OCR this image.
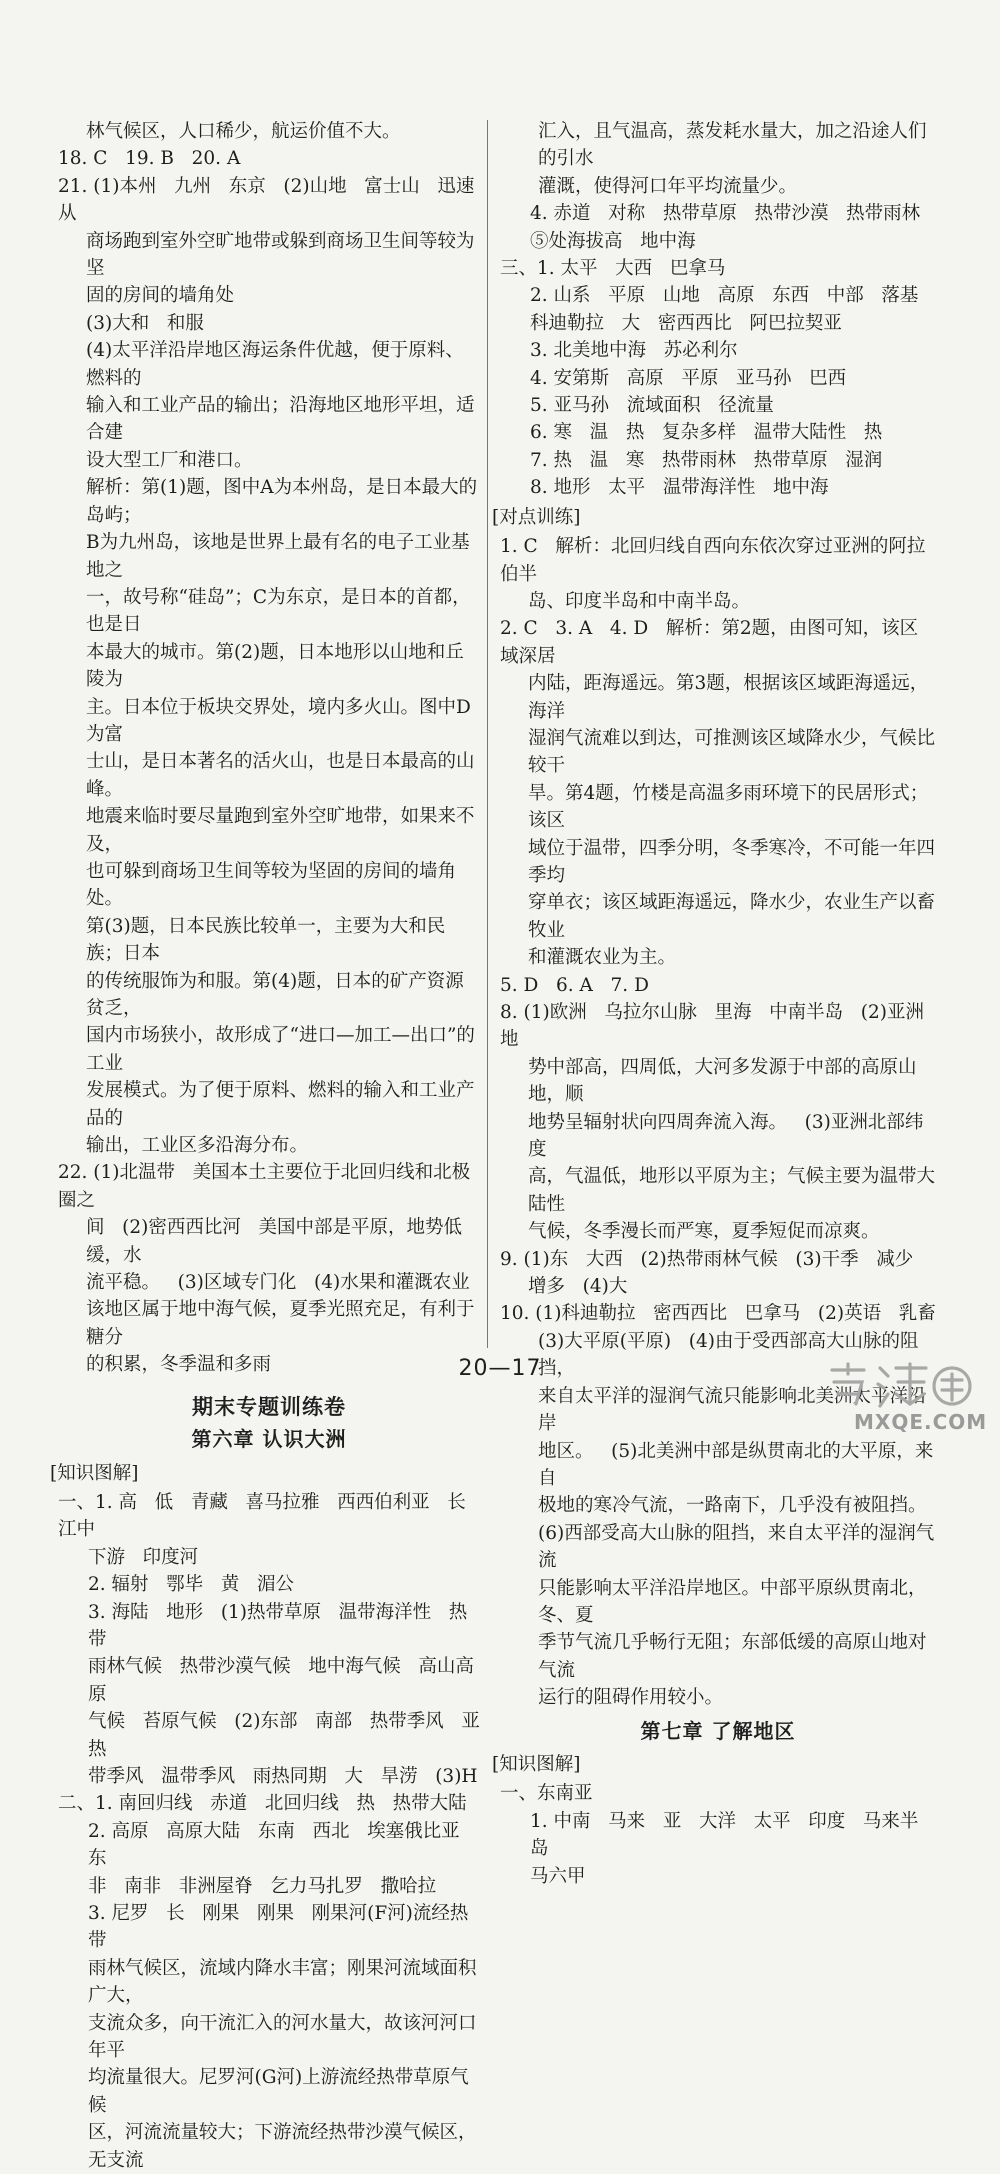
林气候区，人口稀少，航运价值不大。
18. C   19. B   20. A
21. (1)本州   九州   东京   (2)山地   富士山   迅速从
商场跑到室外空旷地带或躲到商场卫生间等较为坚
固的房间的墙角处
(3)大和   和服
(4)太平洋沿岸地区海运条件优越，便于原料、燃料的
输入和工业产品的输出；沿海地区地形平坦，适合建
设大型工厂和港口。
解析：第(1)题，图中A为本州岛，是日本最大的岛屿；
B为九州岛，该地是世界上最有名的电子工业基地之
一，故号称“硅岛”；C为东京，是日本的首都，也是日
本最大的城市。第(2)题，日本地形以山地和丘陵为
主。日本位于板块交界处，境内多火山。图中D为富
士山，是日本著名的活火山，也是日本最高的山峰。
地震来临时要尽量跑到室外空旷地带，如果来不及，
也可躲到商场卫生间等较为坚固的房间的墙角处。
第(3)题，日本民族比较单一，主要为大和民族；日本
的传统服饰为和服。第(4)题，日本的矿产资源贫乏，
国内市场狭小，故形成了“进口—加工—出口”的工业
发展模式。为了便于原料、燃料的输入和工业产品的
输出，工业区多沿海分布。
22. (1)北温带   美国本土主要位于北回归线和北极圈之
间   (2)密西西比河   美国中部是平原，地势低缓，水
流平稳。   (3)区域专门化   (4)水果和灌溉农业
该地区属于地中海气候，夏季光照充足，有利于糖分
的积累，冬季温和多雨
期末专题训练卷
第六章 认识大洲
[知识图解]
一、1. 高   低   青藏   喜马拉雅   西西伯利亚   长江中
下游   印度河
2. 辐射   鄂毕   黄   湄公
3. 海陆   地形   (1)热带草原   温带海洋性   热带
雨林气候   热带沙漠气候   地中海气候   高山高原
气候   苔原气候   (2)东部   南部   热带季风   亚热
带季风   温带季风   雨热同期   大   旱涝   (3)H
二、1. 南回归线   赤道   北回归线   热   热带大陆
2. 高原   高原大陆   东南   西北   埃塞俄比亚   东
非   南非   非洲屋脊   乞力马扎罗   撒哈拉
3. 尼罗   长   刚果   刚果   刚果河(F河)流经热带
雨林气候区，流域内降水丰富；刚果河流域面积广大，
支流众多，向干流汇入的河水量大，故该河河口年平
均流量很大。尼罗河(G河)上游流经热带草原气候
区，河流流量较大；下游流经热带沙漠气候区，无支流
汇入，且气温高，蒸发耗水量大，加之沿途人们的引水
灌溉，使得河口年平均流量少。
4. 赤道   对称   热带草原   热带沙漠   热带雨林
⑤处海拔高   地中海
三、1. 太平   大西   巴拿马
2. 山系   平原   山地   高原   东西   中部   落基
科迪勒拉   大   密西西比   阿巴拉契亚
3. 北美地中海   苏必利尔
4. 安第斯   高原   平原   亚马孙   巴西
5. 亚马孙   流域面积   径流量
6. 寒   温   热   复杂多样   温带大陆性   热
7. 热   温   寒   热带雨林   热带草原   湿润
8. 地形   太平   温带海洋性   地中海
[对点训练]
1. C   解析：北回归线自西向东依次穿过亚洲的阿拉伯半
岛、印度半岛和中南半岛。
2. C   3. A   4. D   解析：第2题，由图可知，该区域深居
内陆，距海遥远。第3题，根据该区域距海遥远，海洋
湿润气流难以到达，可推测该区域降水少，气候比较干
旱。第4题，竹楼是高温多雨环境下的民居形式；该区
域位于温带，四季分明，冬季寒冷，不可能一年四季均
穿单衣；该区域距海遥远，降水少，农业生产以畜牧业
和灌溉农业为主。
5. D   6. A   7. D
8. (1)欧洲   乌拉尔山脉   里海   中南半岛   (2)亚洲地
势中部高，四周低，大河多发源于中部的高原山地，顺
地势呈辐射状向四周奔流入海。   (3)亚洲北部纬度
高，气温低，地形以平原为主；气候主要为温带大陆性
气候，冬季漫长而严寒，夏季短促而凉爽。
9. (1)东   大西   (2)热带雨林气候   (3)干季   减少
增多   (4)大
10. (1)科迪勒拉   密西西比   巴拿马   (2)英语   乳畜
(3)大平原(平原)   (4)由于受西部高大山脉的阻挡，
来自太平洋的湿润气流只能影响北美洲太平洋沿岸
地区。   (5)北美洲中部是纵贯南北的大平原，来自
极地的寒冷气流，一路南下，几乎没有被阻挡。
(6)西部受高大山脉的阻挡，来自太平洋的湿润气流
只能影响太平洋沿岸地区。中部平原纵贯南北，冬、夏
季节气流几乎畅行无阻；东部低缓的高原山地对气流
运行的阻碍作用较小。
第七章 了解地区
[知识图解]
一、东南亚
1. 中南   马来   亚   大洋   太平   印度   马来半岛
马六甲
20—17
MXQE.COM
